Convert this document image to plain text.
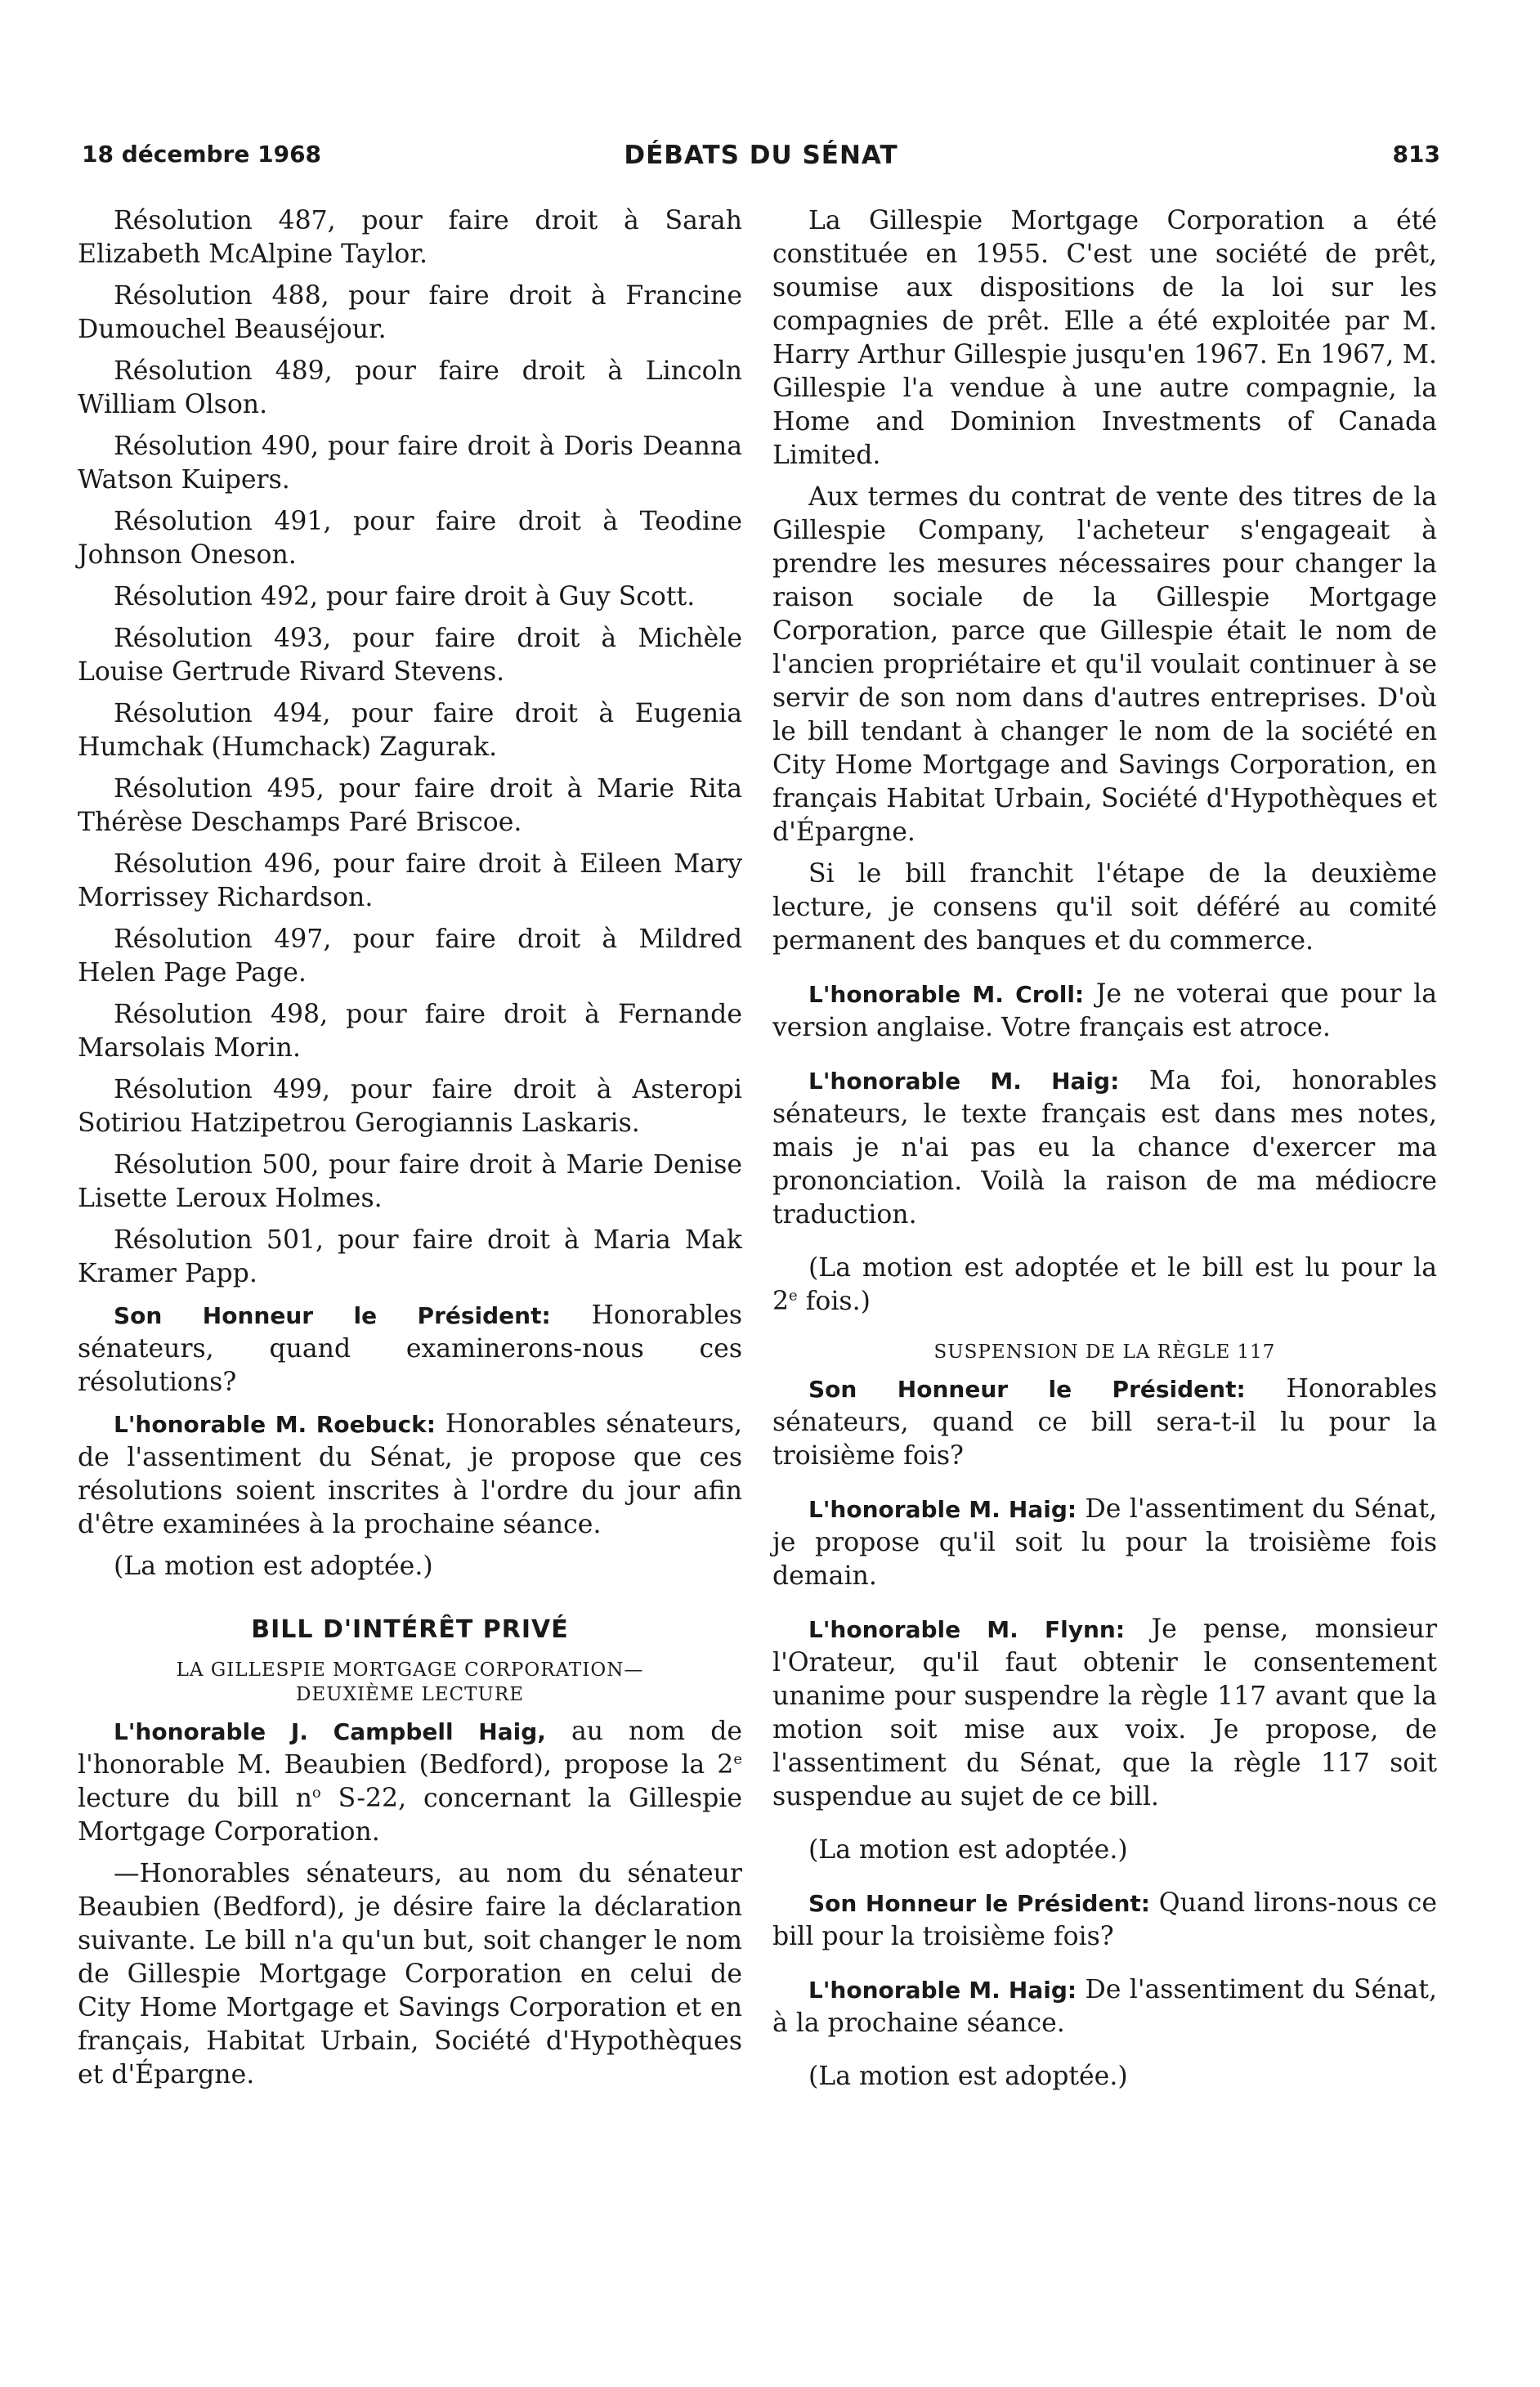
18 décembre 1968	DÉBATS DU SÉNAT	813

Résolution 487, pour faire droit à Sarah Elizabeth McAlpine Taylor.

Résolution 488, pour faire droit à Francine Dumouchel Beauséjour.

Résolution 489, pour faire droit à Lincoln William Olson.

Résolution 490, pour faire droit à Doris Deanna Watson Kuipers.

Résolution 491, pour faire droit à Teodine Johnson Oneson.

Résolution 492, pour faire droit à Guy Scott.

Résolution 493, pour faire droit à Michèle Louise Gertrude Rivard Stevens.

Résolution 494, pour faire droit à Eugenia Humchak (Humchack) Zagurak.

Résolution 495, pour faire droit à Marie Rita Thérèse Deschamps Paré Briscoe.

Résolution 496, pour faire droit à Eileen Mary Morrissey Richardson.

Résolution 497, pour faire droit à Mildred Helen Page Page.

Résolution 498, pour faire droit à Fernande Marsolais Morin.

Résolution 499, pour faire droit à Asteropi Sotiriou Hatzipetrou Gerogiannis Laskaris.

Résolution 500, pour faire droit à Marie Denise Lisette Leroux Holmes.

Résolution 501, pour faire droit à Maria Mak Kramer Papp.

Son Honneur le Président: Honorables sénateurs, quand examinerons-nous ces résolutions?

L'honorable M. Roebuck: Honorables sénateurs, de l'assentiment du Sénat, je propose que ces résolutions soient inscrites à l'ordre du jour afin d'être examinées à la prochaine séance.

(La motion est adoptée.)

BILL D'INTÉRÊT PRIVÉ
LA GILLESPIE MORTGAGE CORPORATION—
DEUXIÈME LECTURE

L'honorable J. Campbell Haig, au nom de l'honorable M. Beaubien (Bedford), propose la 2e lecture du bill $n^o$ S-22, concernant la Gillespie Mortgage Corporation.

—Honorables sénateurs, au nom du sénateur Beaubien (Bedford), je désire faire la déclaration suivante. Le bill n'a qu'un but, soit changer le nom de Gillespie Mortgage Corporation en celui de City Home Mortgage et Savings Corporation et en français, Habitat Urbain, Société d'Hypothèques et d'Épargne.

La Gillespie Mortgage Corporation a été constituée en 1955. C'est une société de prêt, soumise aux dispositions de la loi sur les compagnies de prêt. Elle a été exploitée par M. Harry Arthur Gillespie jusqu'en 1967. En 1967, M. Gillespie l'a vendue à une autre compagnie, la Home and Dominion Investments of Canada Limited.

Aux termes du contrat de vente des titres de la Gillespie Company, l'acheteur s'engageait à prendre les mesures nécessaires pour changer la raison sociale de la Gillespie Mortgage Corporation, parce que Gillespie était le nom de l'ancien propriétaire et qu'il voulait continuer à se servir de son nom dans d'autres entreprises. D'où le bill tendant à changer le nom de la société en City Home Mortgage and Savings Corporation, en français Habitat Urbain, Société d'Hypothèques et d'Épargne.

Si le bill franchit l'étape de la deuxième lecture, je consens qu'il soit déféré au comité permanent des banques et du commerce.

L'honorable M. Croll: Je ne voterai que pour la version anglaise. Votre français est atroce.

L'honorable M. Haig: Ma foi, honorables sénateurs, le texte français est dans mes notes, mais je n'ai pas eu la chance d'exercer ma prononciation. Voilà la raison de ma médiocre traduction.

(La motion est adoptée et le bill est lu pour la 2e fois.)

SUSPENSION DE LA RÈGLE 117

Son Honneur le Président: Honorables sénateurs, quand ce bill sera-t-il lu pour la troisième fois?

L'honorable M. Haig: De l'assentiment du Sénat, je propose qu'il soit lu pour la troisième fois demain.

L'honorable M. Flynn: Je pense, monsieur l'Orateur, qu'il faut obtenir le consentement unanime pour suspendre la règle 117 avant que la motion soit mise aux voix. Je propose, de l'assentiment du Sénat, que la règle 117 soit suspendue au sujet de ce bill.

(La motion est adoptée.)

Son Honneur le Président: Quand lirons-nous ce bill pour la troisième fois?

L'honorable M. Haig: De l'assentiment du Sénat, à la prochaine séance.

(La motion est adoptée.)
